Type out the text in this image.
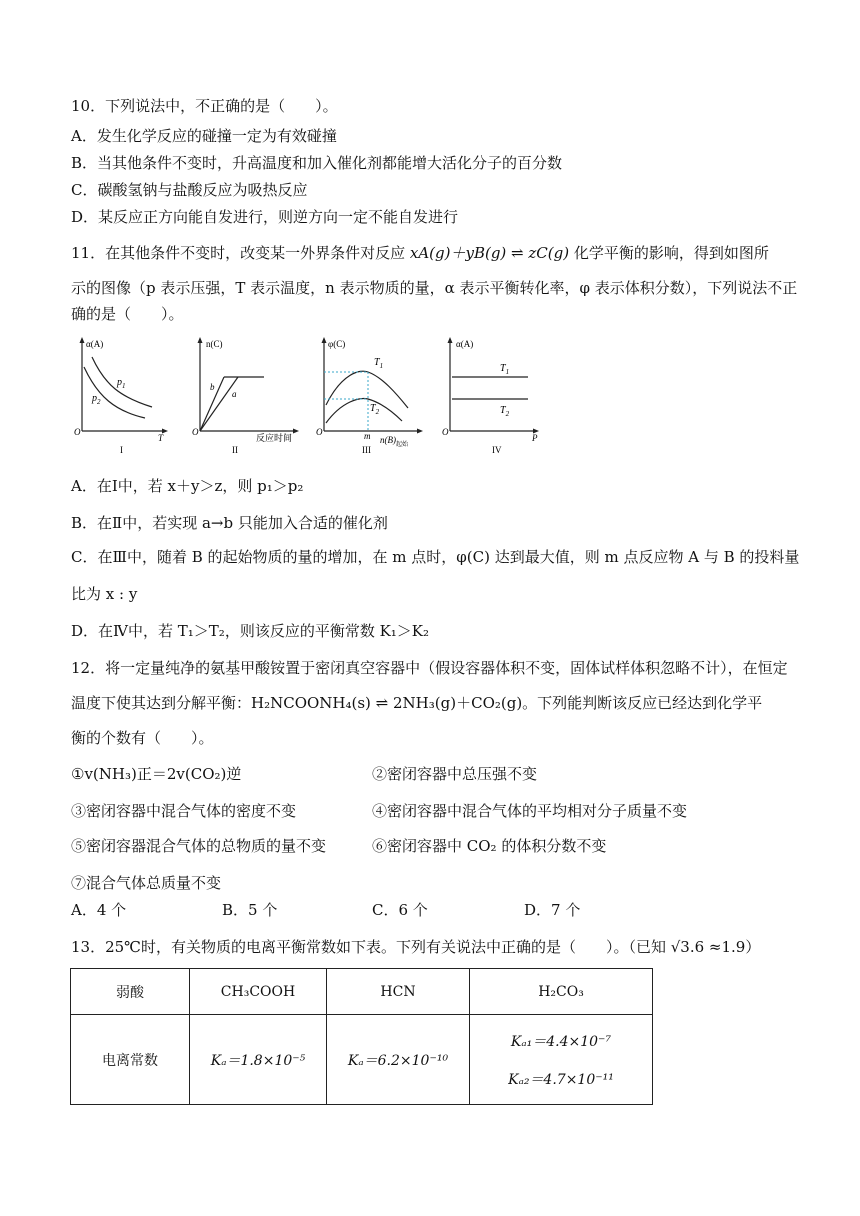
10．下列说法中，不正确的是（　　）。
A．发生化学反应的碰撞一定为有效碰撞
B．当其他条件不变时，升高温度和加入催化剂都能增大活化分子的百分数
C．碳酸氢钠与盐酸反应为吸热反应
D．某反应正方向能自发进行，则逆方向一定不能自发进行
11．在其他条件不变时，改变某一外界条件对反应 xA(g)＋yB(g) ⇌ zC(g) 化学平衡的影响，得到如图所
示的图像（p 表示压强，T 表示温度，n 表示物质的量，α 表示平衡转化率，φ 表示体积分数），下列说法不正
确的是（　　）。
α(A)
$p_1$
$p_2$
O
T
I
n(C)
b
a
O
反应时间
II
φ(C)
$T_1$
$T_2$
O	m $n(B)_{起始}$
III
α(A)
$T_1$
$T_2$
O
P
IV
A．在Ⅰ中，若 x＋y＞z，则 p₁＞p₂
B．在Ⅱ中，若实现 a→b 只能加入合适的催化剂
C．在Ⅲ中，随着 B 的起始物质的量的增加，在 m 点时，φ(C) 达到最大值，则 m 点反应物 A 与 B 的投料量
比为 x : y
D．在Ⅳ中，若 T₁＞T₂，则该反应的平衡常数 K₁＞K₂
12．将一定量纯净的氨基甲酸铵置于密闭真空容器中（假设容器体积不变，固体试样体积忽略不计），在恒定
温度下使其达到分解平衡：H₂NCOONH₄(s) ⇌ 2NH₃(g)＋CO₂(g)。下列能判断该反应已经达到化学平
衡的个数有（　　）。
①v(NH₃)正＝2v(CO₂)逆	②密闭容器中总压强不变
③密闭容器中混合气体的密度不变	④密闭容器中混合气体的平均相对分子质量不变
⑤密闭容器混合气体的总物质的量不变	⑥密闭容器中 CO₂ 的体积分数不变
⑦混合气体总质量不变
A．4 个	B．5 个	C．6 个	D．7 个
13．25℃时，有关物质的电离平衡常数如下表。下列有关说法中正确的是（　　）。（已知 √3.6 ≈1.9）
弱酸	CH₃COOH	HCN	H₂CO₃
电离常数	Kₐ＝1.8×10⁻⁵	Kₐ＝6.2×10⁻¹⁰	Kₐ₁＝4.4×10⁻⁷
Kₐ₂＝4.7×10⁻¹¹
